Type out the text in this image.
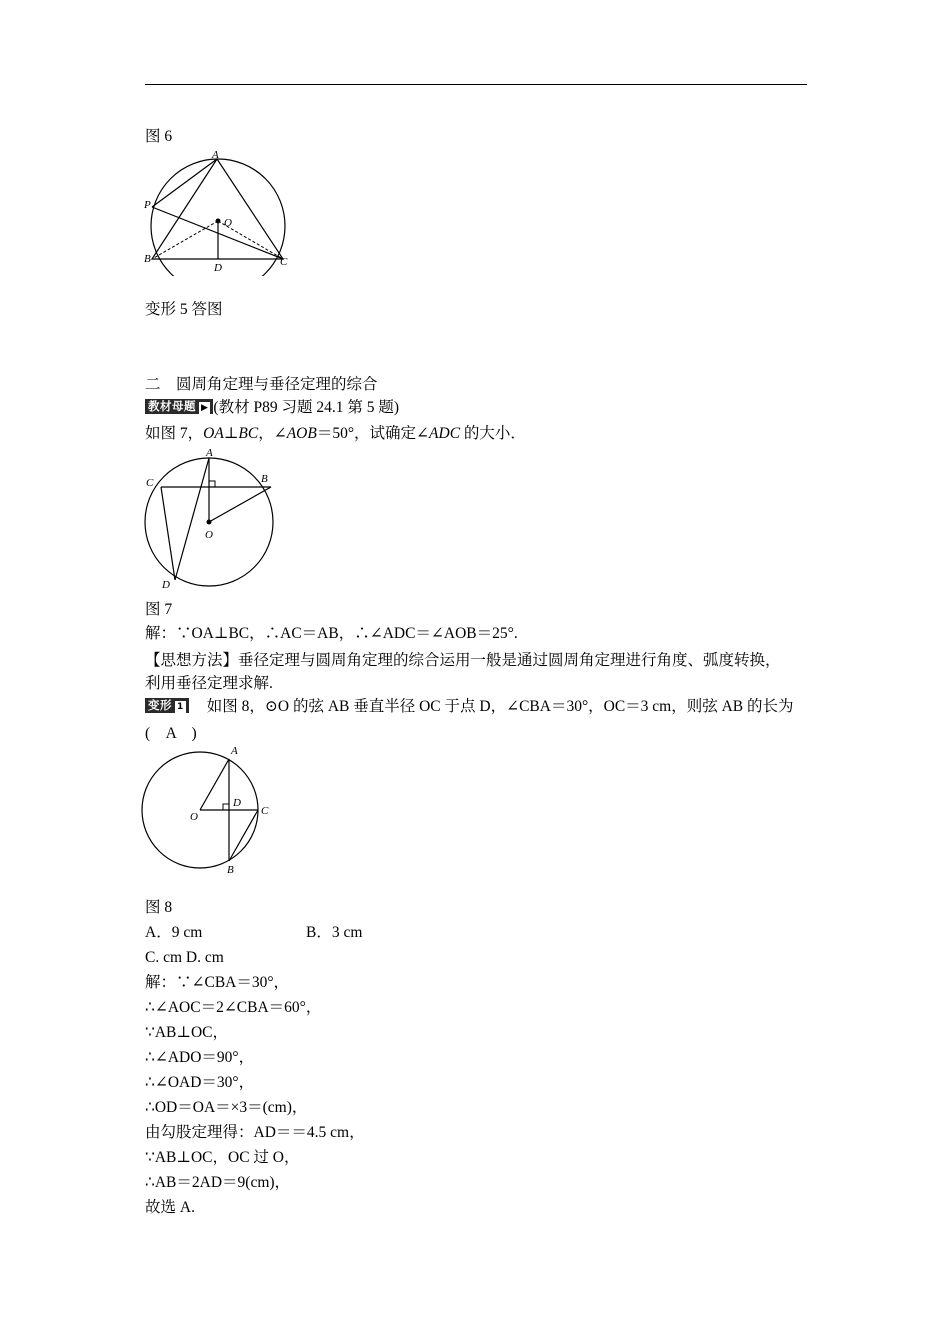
图 6
A
P
O
B
D	C
变形 5 答图
二　圆周角定理与垂径定理的综合
教材母题 ▶ (教材 P89 习题 24.1 第 5 题)
如图 7，OA⊥BC，∠AOB＝50°，试确定∠ADC 的大小．
A
C	B
O
D
图 7
解：∵OA⊥BC，∴AC＝AB，∴∠ADC＝∠AOB＝25°.
【思想方法】垂径定理与圆周角定理的综合运用一般是通过圆周角定理进行角度、弧度转换，
利用垂径定理求解.
变形 1 如图 8，⊙O 的弦 AB 垂直半径 OC 于点 D，∠CBA＝30°，OC＝3 cm，则弦 AB 的长为
(　A　)
A
D
O	C
B
图 8
A．9 cm	B．3 cm
C. cm D. cm
解：∵∠CBA＝30°，
∴∠AOC＝2∠CBA＝60°，
∵AB⊥OC，
∴∠ADO＝90°，
∴∠OAD＝30°，
∴OD＝OA＝×3＝(cm)，
由勾股定理得：AD＝＝4.5 cm，
∵AB⊥OC，OC 过 O，
∴AB＝2AD＝9(cm)，
故选 A.
